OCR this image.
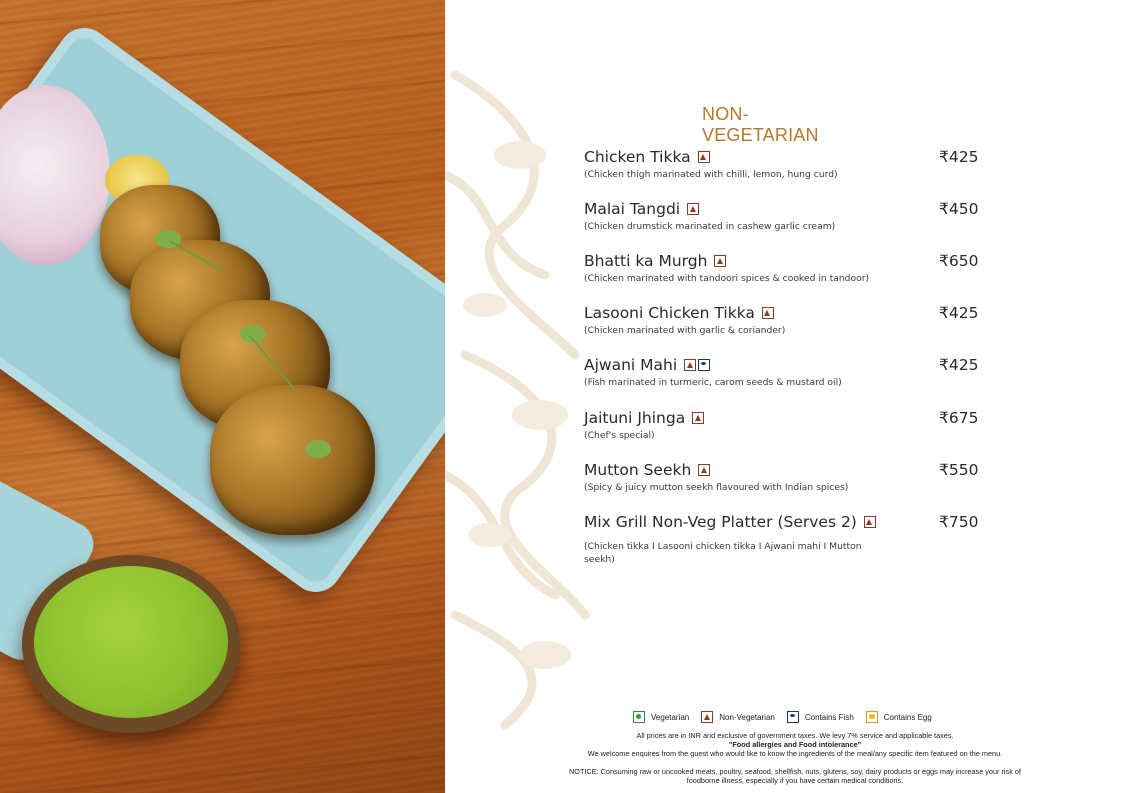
NON-VEGETARIAN
Chicken Tikka
(Chicken thigh marinated with chilli, lemon, hung curd)
₹425
Malai Tangdi
(Chicken drumstick marinated in cashew garlic cream)
₹450
Bhatti ka Murgh
(Chicken marinated with tandoori spices & cooked in tandoor)
₹650
Lasooni Chicken Tikka
(Chicken marinated with garlic & coriander)
₹425
Ajwani Mahi
(Fish marinated in turmeric, carom seeds & mustard oil)
₹425
Jaituni Jhinga
(Chef's special)
₹675
Mutton Seekh
(Spicy & juicy mutton seekh flavoured with Indian spices)
₹550
Mix Grill Non-Veg Platter (Serves 2)
(Chicken tikka I Lasooni chicken tikka I Ajwani mahi I Mutton seekh)
₹750
Vegetarian	Non-Vegetarian	Contains Fish	Contains Egg
All prices are in INR and exclusive of government taxes. We levy 7% service and applicable taxes.
"Food allergies and Food intolerance"
We welcome enquires from the guest who would like to know the ingredients of the meal/any specific item featured on the menu.
NOTICE: Consuming raw or uncooked meats, poultry, seafood, shellfish, nuts, glutens, soy, dairy products or eggs may increase your risk of
foodborne illness, especially if you have certain medical conditions.
